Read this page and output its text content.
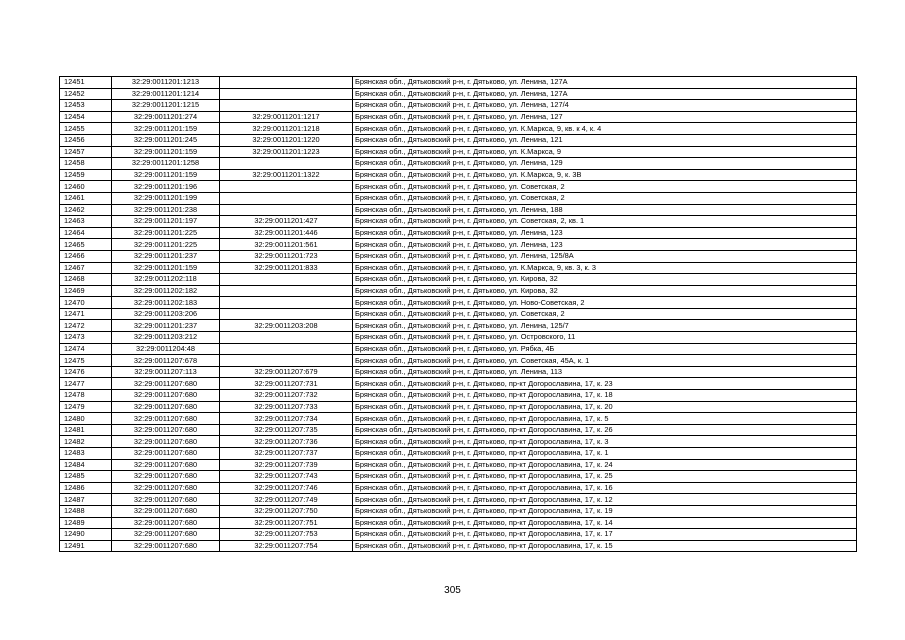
12451	32:29:0011201:1213		Брянская обл., Дятьковский р-н, г. Дятьково, ул. Ленина, 127А
12452	32:29:0011201:1214		Брянская обл., Дятьковский р-н, г. Дятьково, ул. Ленина, 127А
12453	32:29:0011201:1215		Брянская обл., Дятьковский р-н, г. Дятьково, ул. Ленина, 127/4
12454	32:29:0011201:274	32:29:0011201:1217	Брянская обл., Дятьковский р-н, г. Дятьково, ул. Ленина, 127
12455	32:29:0011201:159	32:29:0011201:1218	Брянская обл., Дятьковский р-н, г. Дятьково, ул. К.Маркса, 9, кв. к 4, к. 4
12456	32:29:0011201:245	32:29:0011201:1220	Брянская обл., Дятьковский р-н, г. Дятьково, ул. Ленина, 121
12457	32:29:0011201:159	32:29:0011201:1223	Брянская обл., Дятьковский р-н, г. Дятьково, ул. К.Маркса, 9
12458	32:29:0011201:1258		Брянская обл., Дятьковский р-н, г. Дятьково, ул. Ленина, 129
12459	32:29:0011201:159	32:29:0011201:1322	Брянская обл., Дятьковский р-н, г. Дятьково, ул. К.Маркса, 9, к. 3В
12460	32:29:0011201:196		Брянская обл., Дятьковский р-н, г. Дятьково, ул. Советская, 2
12461	32:29:0011201:199		Брянская обл., Дятьковский р-н, г. Дятьково, ул. Советская, 2
12462	32:29:0011201:238		Брянская обл., Дятьковский р-н, г. Дятьково, ул. Ленина, 188
12463	32:29:0011201:197	32:29:0011201:427	Брянская обл., Дятьковский р-н, г. Дятьково, ул. Советская, 2, кв. 1
12464	32:29:0011201:225	32:29:0011201:446	Брянская обл., Дятьковский р-н, г. Дятьково, ул. Ленина, 123
12465	32:29:0011201:225	32:29:0011201:561	Брянская обл., Дятьковский р-н, г. Дятьково, ул. Ленина, 123
12466	32:29:0011201:237	32:29:0011201:723	Брянская обл., Дятьковский р-н, г. Дятьково, ул. Ленина, 125/8А
12467	32:29:0011201:159	32:29:0011201:833	Брянская обл., Дятьковский р-н, г. Дятьково, ул. К.Маркса, 9, кв. 3, к. 3
12468	32:29:0011202:118		Брянская обл., Дятьковский р-н, г. Дятьково, ул. Кирова, 32
12469	32:29:0011202:182		Брянская обл., Дятьковский р-н, г. Дятьково, ул. Кирова, 32
12470	32:29:0011202:183		Брянская обл., Дятьковский р-н, г. Дятьково, ул. Ново-Советская, 2
12471	32:29:0011203:206		Брянская обл., Дятьковский р-н, г. Дятьково, ул. Советская, 2
12472	32:29:0011201:237	32:29:0011203:208	Брянская обл., Дятьковский р-н, г. Дятьково, ул. Ленина, 125/7
12473	32:29:0011203:212		Брянская обл., Дятьковский р-н, г. Дятьково, ул. Островского, 11
12474	32:29:0011204:48		Брянская обл., Дятьковский р-н, г. Дятьково, ул. Рябка, 4Б
12475	32:29:0011207:678		Брянская обл., Дятьковский р-н, г. Дятьково, ул. Советская, 45А, к. 1
12476	32:29:0011207:113	32:29:0011207:679	Брянская обл., Дятьковский р-н, г. Дятьково, ул. Ленина, 113
12477	32:29:0011207:680	32:29:0011207:731	Брянская обл., Дятьковский р-н, г. Дятьково, пр-кт Догорославина, 17, к. 23
12478	32:29:0011207:680	32:29:0011207:732	Брянская обл., Дятьковский р-н, г. Дятьково, пр-кт Догорославина, 17, к. 18
12479	32:29:0011207:680	32:29:0011207:733	Брянская обл., Дятьковский р-н, г. Дятьково, пр-кт Догорославина, 17, к. 20
12480	32:29:0011207:680	32:29:0011207:734	Брянская обл., Дятьковский р-н, г. Дятьково, пр-кт Догорославина, 17, к. 5
12481	32:29:0011207:680	32:29:0011207:735	Брянская обл., Дятьковский р-н, г. Дятьково, пр-кт Догорославина, 17, к. 26
12482	32:29:0011207:680	32:29:0011207:736	Брянская обл., Дятьковский р-н, г. Дятьково, пр-кт Догорославина, 17, к. 3
12483	32:29:0011207:680	32:29:0011207:737	Брянская обл., Дятьковский р-н, г. Дятьково, пр-кт Догорославина, 17, к. 1
12484	32:29:0011207:680	32:29:0011207:739	Брянская обл., Дятьковский р-н, г. Дятьково, пр-кт Догорославина, 17, к. 24
12485	32:29:0011207:680	32:29:0011207:743	Брянская обл., Дятьковский р-н, г. Дятьково, пр-кт Догорославина, 17, к. 25
12486	32:29:0011207:680	32:29:0011207:746	Брянская обл., Дятьковский р-н, г. Дятьково, пр-кт Догорославина, 17, к. 16
12487	32:29:0011207:680	32:29:0011207:749	Брянская обл., Дятьковский р-н, г. Дятьково, пр-кт Догорославина, 17, к. 12
12488	32:29:0011207:680	32:29:0011207:750	Брянская обл., Дятьковский р-н, г. Дятьково, пр-кт Догорославина, 17, к. 19
12489	32:29:0011207:680	32:29:0011207:751	Брянская обл., Дятьковский р-н, г. Дятьково, пр-кт Догорославина, 17, к. 14
12490	32:29:0011207:680	32:29:0011207:753	Брянская обл., Дятьковский р-н, г. Дятьково, пр-кт Догорославина, 17, к. 17
12491	32:29:0011207:680	32:29:0011207:754	Брянская обл., Дятьковский р-н, г. Дятьково, пр-кт Догорославина, 17, к. 15
305
